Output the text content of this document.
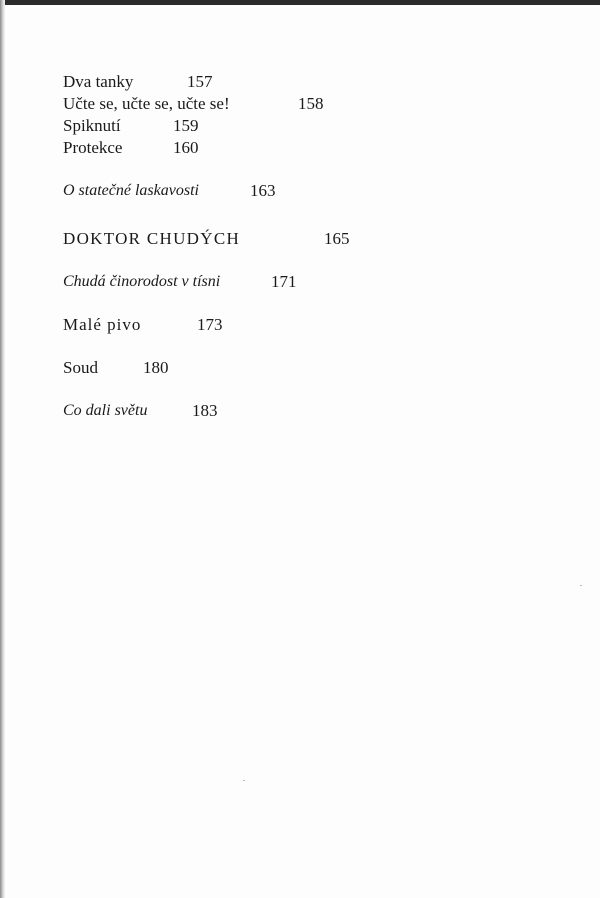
Dva tanky	157
Učte se, učte se, učte se!	158
Spiknutí	159
Protekce	160
O statečné laskavosti	163
DOKTOR CHUDÝCH	165
Chudá činorodost v tísni	171
Malé pivo	173
Soud	180
Co dali světu	183
